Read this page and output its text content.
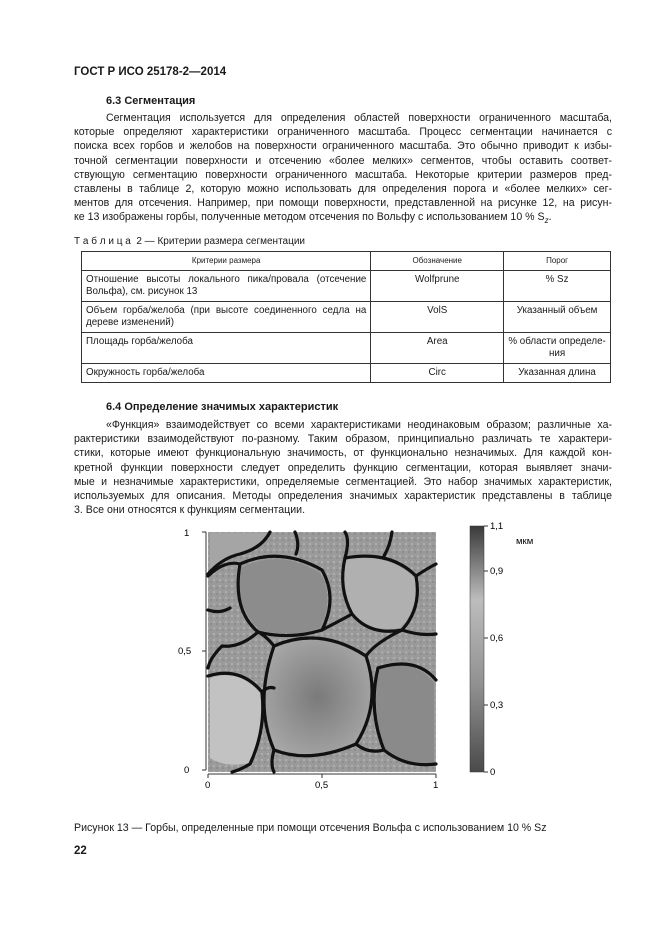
ГОСТ Р ИСО 25178-2—2014
6.3 Сегментация
Сегментация используется для определения областей поверхности ограниченного масштаба,
которые определяют характеристики ограниченного масштаба. Процесс сегментации начинается с
поиска всех горбов и желобов на поверхности ограниченного масштаба. Это обычно приводит к избы-
точной сегментации поверхности и отсечению «более мелких» сегментов, чтобы оставить соответ-
ствующую сегментацию поверхности ограниченного масштаба. Некоторые критерии размеров пред-
ставлены в таблице 2, которую можно использовать для определения порога и «более мелких» сег-
ментов для отсечения. Например, при помощи поверхности, представленной на рисунке 12, на рисун-
ке 13 изображены горбы, полученные методом отсечения по Вольфу с использованием 10 % $S_z$.
Т а б л и ц а  2 — Критерии размера сегментации
Критерии размера	Обозначение	Порог
Отношение высоты локального пика/провала (отсечение Вольфа), см. рисунок 13	Wolfprune	% Sz
Объем горба/желоба (при высоте соединенного седла на дереве изменений)	VolS	Указанный объем
Площадь горба/желоба	Area	% области определе-ния
Окружность горба/желоба	Circ	Указанная длина
6.4 Определение значимых характеристик
«Функция» взаимодействует со всеми характеристиками неодинаковым образом; различные ха-
рактеристики взаимодействуют по-разному. Таким образом, принципиально различать те характери-
стики, которые имеют функциональную значимость, от функционально незначимых. Для каждой кон-
кретной функции поверхности следует определить функцию сегментации, которая выявляет значи-
мые и незначимые характеристики, определяемые сегментацией. Это набор значимых характеристик,
используемых для описания. Методы определения значимых характеристик представлены в таблице
3. Все они относятся к функциям сегментации.
1
0,5
0
0	0,5	1
1,1
0,9
0,6
0,3
0
мкм
Рисунок 13 — Горбы, определенные при помощи отсечения Вольфа с использованием 10 % Sz
22
